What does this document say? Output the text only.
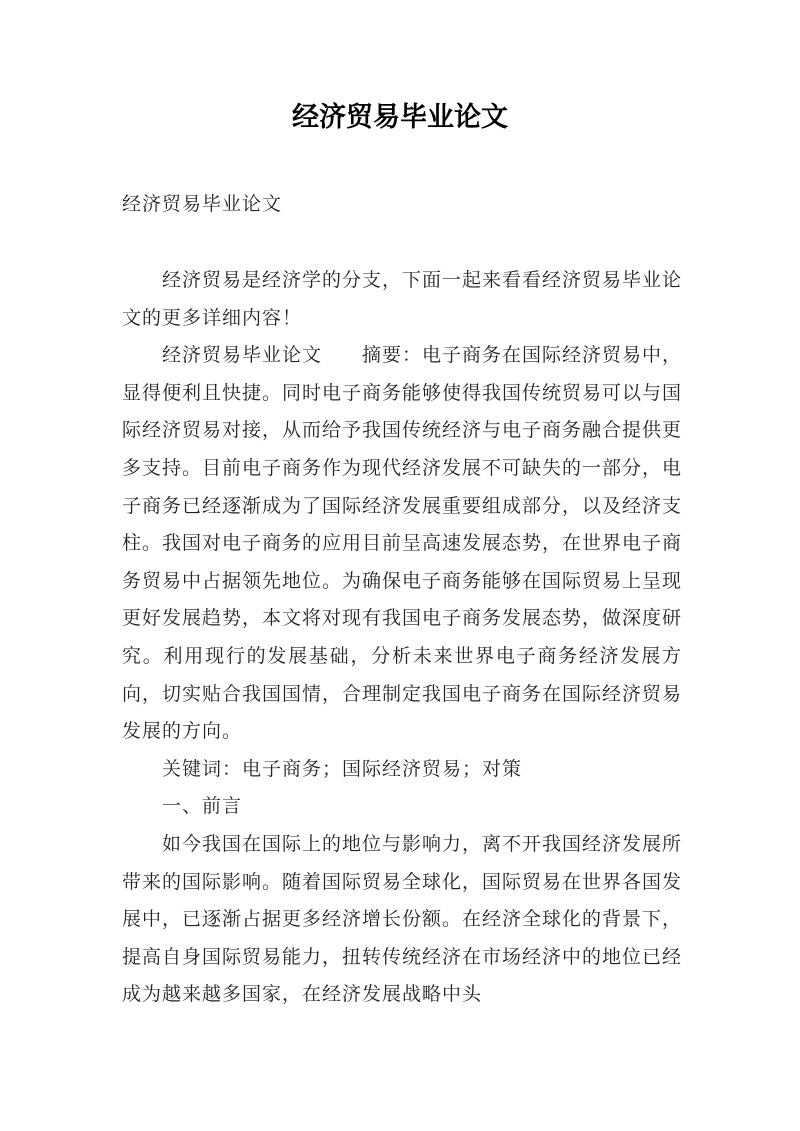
经济贸易毕业论文
经济贸易毕业论文

经济贸易是经济学的分支，下面一起来看看经济贸易毕业论文的更多详细内容！

经济贸易毕业论文　　摘要：电子商务在国际经济贸易中，显得便利且快捷。同时电子商务能够使得我国传统贸易可以与国际经济贸易对接，从而给予我国传统经济与电子商务融合提供更多支持。目前电子商务作为现代经济发展不可缺失的一部分，电子商务已经逐渐成为了国际经济发展重要组成部分，以及经济支柱。我国对电子商务的应用目前呈高速发展态势，在世界电子商务贸易中占据领先地位。为确保电子商务能够在国际贸易上呈现更好发展趋势，本文将对现有我国电子商务发展态势，做深度研究。利用现行的发展基础，分析未来世界电子商务经济发展方向，切实贴合我国国情，合理制定我国电子商务在国际经济贸易发展的方向。

关键词：电子商务；国际经济贸易；对策

一、前言

如今我国在国际上的地位与影响力，离不开我国经济发展所带来的国际影响。随着国际贸易全球化，国际贸易在世界各国发展中，已逐渐占据更多经济增长份额。在经济全球化的背景下，提高自身国际贸易能力，扭转传统经济在市场经济中的地位已经成为越来越多国家，在经济发展战略中头
